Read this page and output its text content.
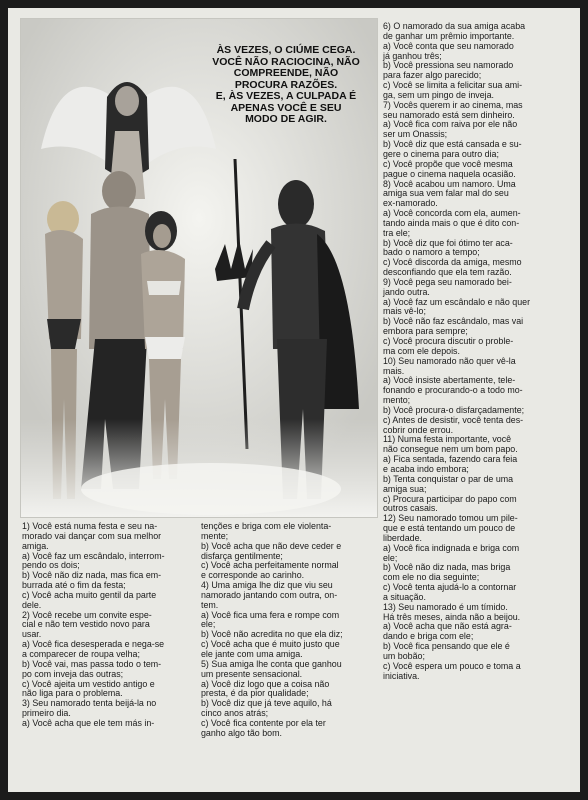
ÀS VEZES, O CIÚME CEGA.
VOCÊ NÃO RACIOCINA, NÃO
COMPREENDE, NÃO
PROCURA RAZÕES.
E, ÀS VEZES, A CULPADA É
APENAS VOCÊ E SEU
MODO DE AGIR.

1) Você está numa festa e seu na-

morado vai dançar com sua melhor

amiga.

a) Você faz um escândalo, interrom-

pendo os dois;

b) Você não diz nada, mas fica em-

burrada até o fim da festa;

c) Você acha muito gentil da parte

dele.

2) Você recebe um convite espe-

cial e não tem vestido novo para

usar.

a) Você fica desesperada e nega-se

a comparecer de roupa velha;

b) Você vai, mas passa todo o tem-

po com inveja das outras;

c) Você ajeita um vestido antigo e

não liga para o problema.

3) Seu namorado tenta beijá-la no

primeiro dia.

a) Você acha que ele tem más in-

tenções e briga com ele violenta-

mente;

b) Você acha que não deve ceder e

disfarça gentilmente;

c) Você acha perfeitamente normal

e corresponde ao carinho.

4) Uma amiga lhe diz que viu seu

namorado jantando com outra, on-

tem.

a) Você fica uma fera e rompe com

ele;

b) Você não acredita no que ela diz;

c) Você acha que é muito justo que

ele jante com uma amiga.

5) Sua amiga lhe conta que ganhou

um presente sensacional.

a) Você diz logo que a coisa não

presta, é da pior qualidade;

b) Você diz que já teve aquilo, há

cinco anos atrás;

c) Você fica contente por ela ter

ganho algo tão bom.

6) O namorado da sua amiga acaba

de ganhar um prêmio importante.

a) Você conta que seu namorado

já ganhou três;

b) Você pressiona seu namorado

para fazer algo parecido;

c) Você se limita a felicitar sua ami-

ga, sem um pingo de inveja.

7) Vocês querem ir ao cinema, mas

seu namorado está sem dinheiro.

a) Você fica com raiva por ele não

ser um Onassis;

b) Você diz que está cansada e su-

gere o cinema para outro dia;

c) Você propõe que você mesma

pague o cinema naquela ocasião.

8) Você acabou um namoro. Uma

amiga sua vem falar mal do seu

ex-namorado.

a) Você concorda com ela, aumen-

tando ainda mais o que é dito con-

tra ele;

b) Você diz que foi ótimo ter aca-

bado o namoro a tempo;

c) Você discorda da amiga, mesmo

desconfiando que ela tem razão.

9) Você pega seu namorado bei-

jando outra.

a) Você faz um escândalo e não quer

mais vê-lo;

b) Você não faz escândalo, mas vai

embora para sempre;

c) Você procura discutir o proble-

ma com ele depois.

10) Seu namorado não quer vê-la

mais.

a) Você insiste abertamente, tele-

fonando e procurando-o a todo mo-

mento;

b) Você procura-o disfarçadamente;

c) Antes de desistir, você tenta des-

cobrir onde errou.

11) Numa festa importante, você

não consegue nem um bom papo.

a) Fica sentada, fazendo cara feia

e acaba indo embora;

b) Tenta conquistar o par de uma

amiga sua;

c) Procura participar do papo com

outros casais.

12) Seu namorado tomou um pile-

que e está tentando um pouco de

liberdade.

a) Você fica indignada e briga com

ele;

b) Você não diz nada, mas briga

com ele no dia seguinte;

c) Você tenta ajudá-lo a contornar

a situação.

13) Seu namorado é um tímido.

Há três meses, ainda não a beijou.

a) Você acha que não está agra-

dando e briga com ele;

b) Você fica pensando que ele é

um bobão;

c) Você espera um pouco e toma a

iniciativa.
